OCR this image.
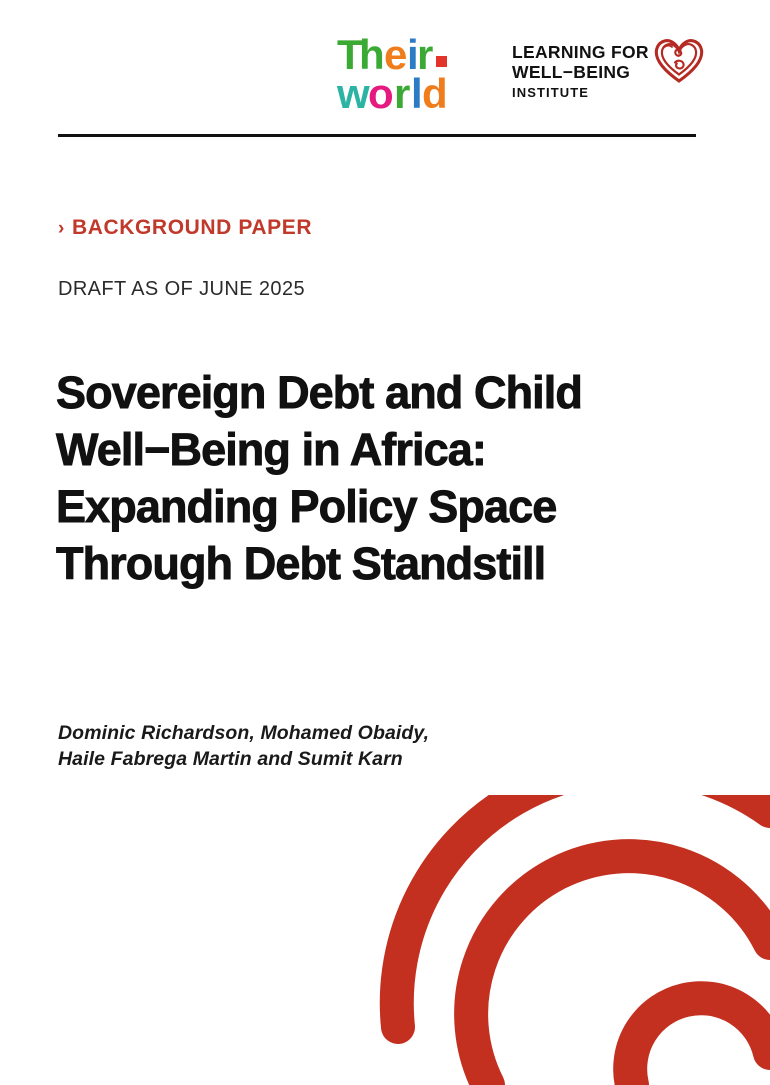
T
h e i
r
w
o r l d
LEARNING FOR
WELL−BEING
INSTITUTE
› BACKGROUND PAPER
DRAFT AS OF JUNE 2025
Sovereign Debt and Child
Well−Being in Africa:
Expanding Policy Space
Through Debt Standstill
Dominic Richardson, Mohamed Obaidy,
Haile Fabrega Martin and Sumit Karn
